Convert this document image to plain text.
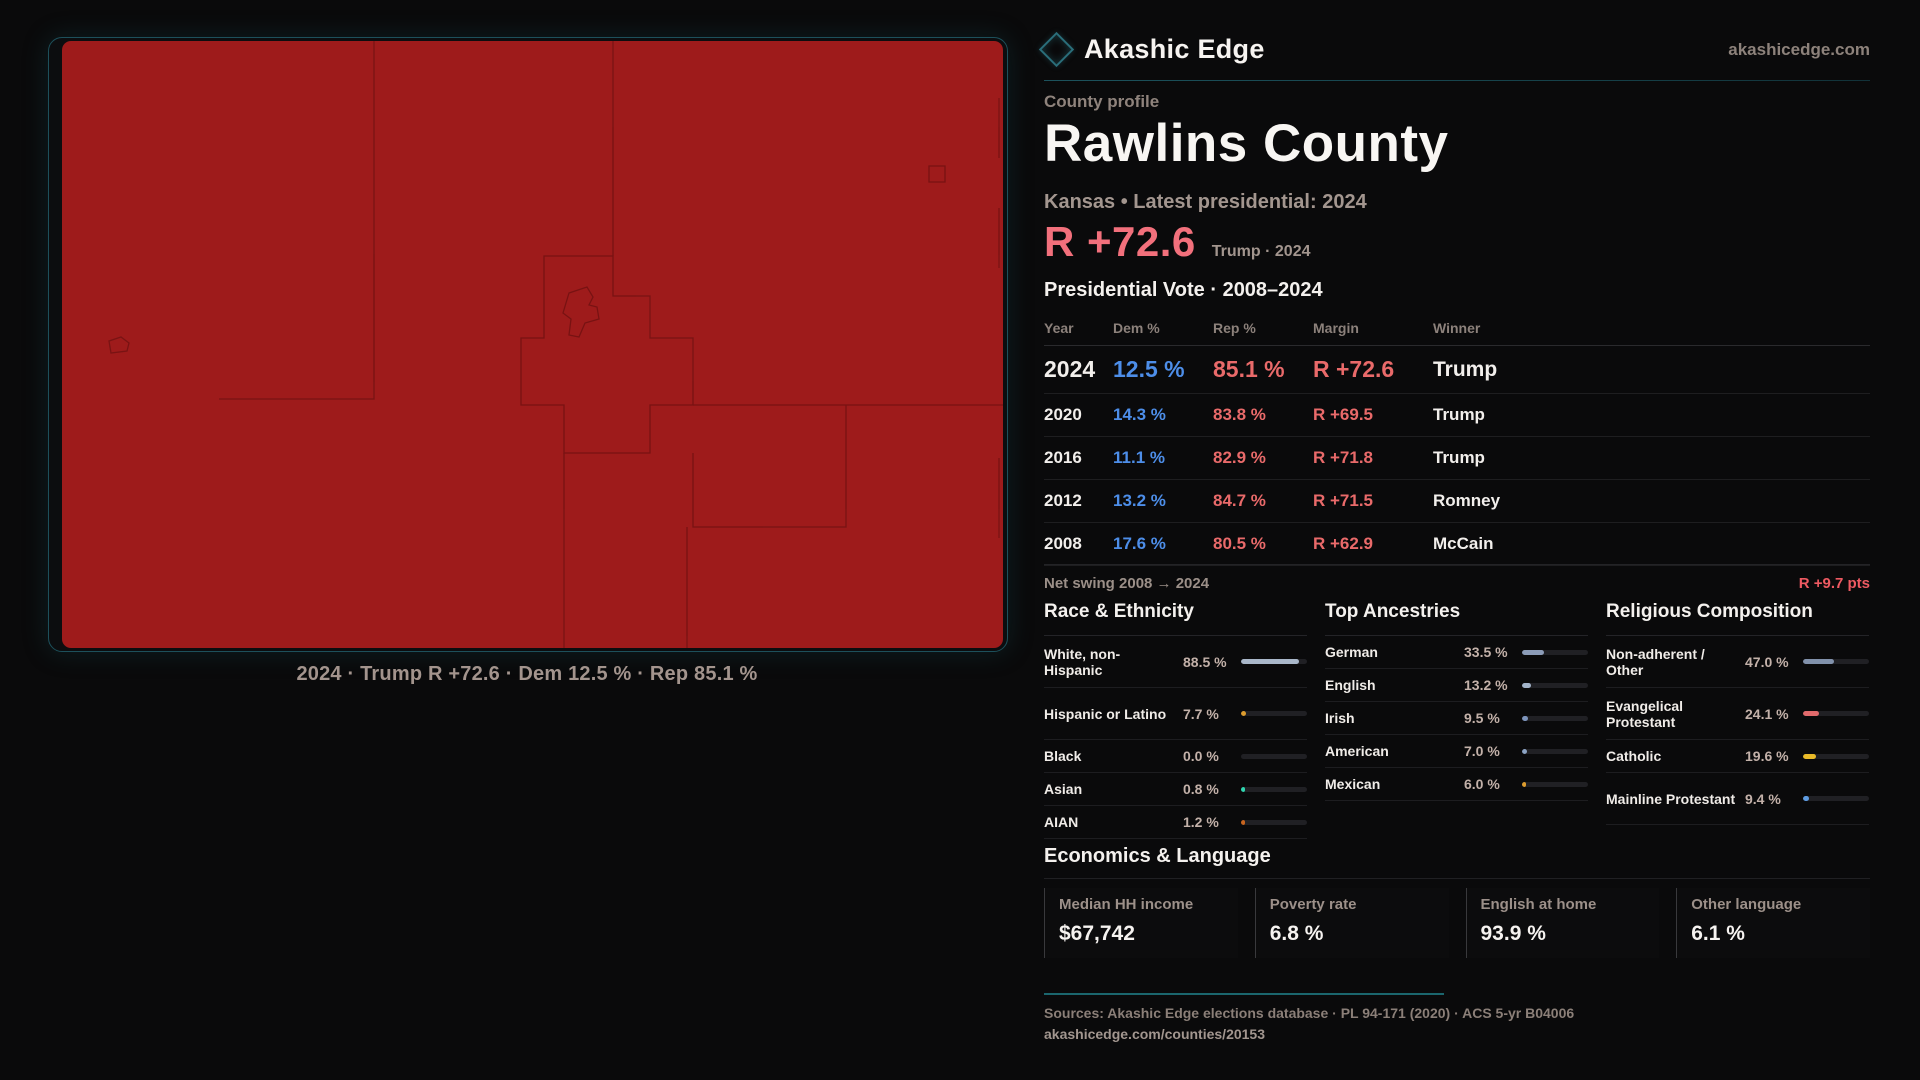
2024 · Trump R +72.6 · Dem 12.5 % · Rep 85.1 %
Akashic Edge	akashicedge.com
County profile
Rawlins County
Kansas • Latest presidential: 2024
R +72.6 Trump · 2024
Presidential Vote · 2008–2024
Year	Dem %	Rep %	Margin	Winner
2024 12.5 %	85.1 %	R +72.6	Trump
2020	14.3 %	83.8 %	R +69.5	Trump
2016	11.1 %	82.9 %	R +71.8	Trump
2012	13.2 %	84.7 %	R +71.5	Romney
2008	17.6 %	80.5 %	R +62.9	McCain
Net swing 2008 → 2024	R +9.7 pts
Race & Ethnicity
White, non-Hispanic	88.5 %
Hispanic or Latino	7.7 %
Black	0.0 %
Asian	0.8 %
AIAN	1.2 %
Top Ancestries
German	33.5 %
English	13.2 %
Irish	9.5 %
American	7.0 %
Mexican	6.0 %
Religious Composition
Non-adherent / Other	47.0 %
Evangelical Protestant	24.1 %
Catholic	19.6 %
Mainline Protestant 9.4 %
Economics & Language
Median HH income
$67,742
Poverty rate
6.8 %
English at home
93.9 %
Other language
6.1 %
Sources: Akashic Edge elections database · PL 94-171 (2020) · ACS 5-yr B04006
akashicedge.com/counties/20153
